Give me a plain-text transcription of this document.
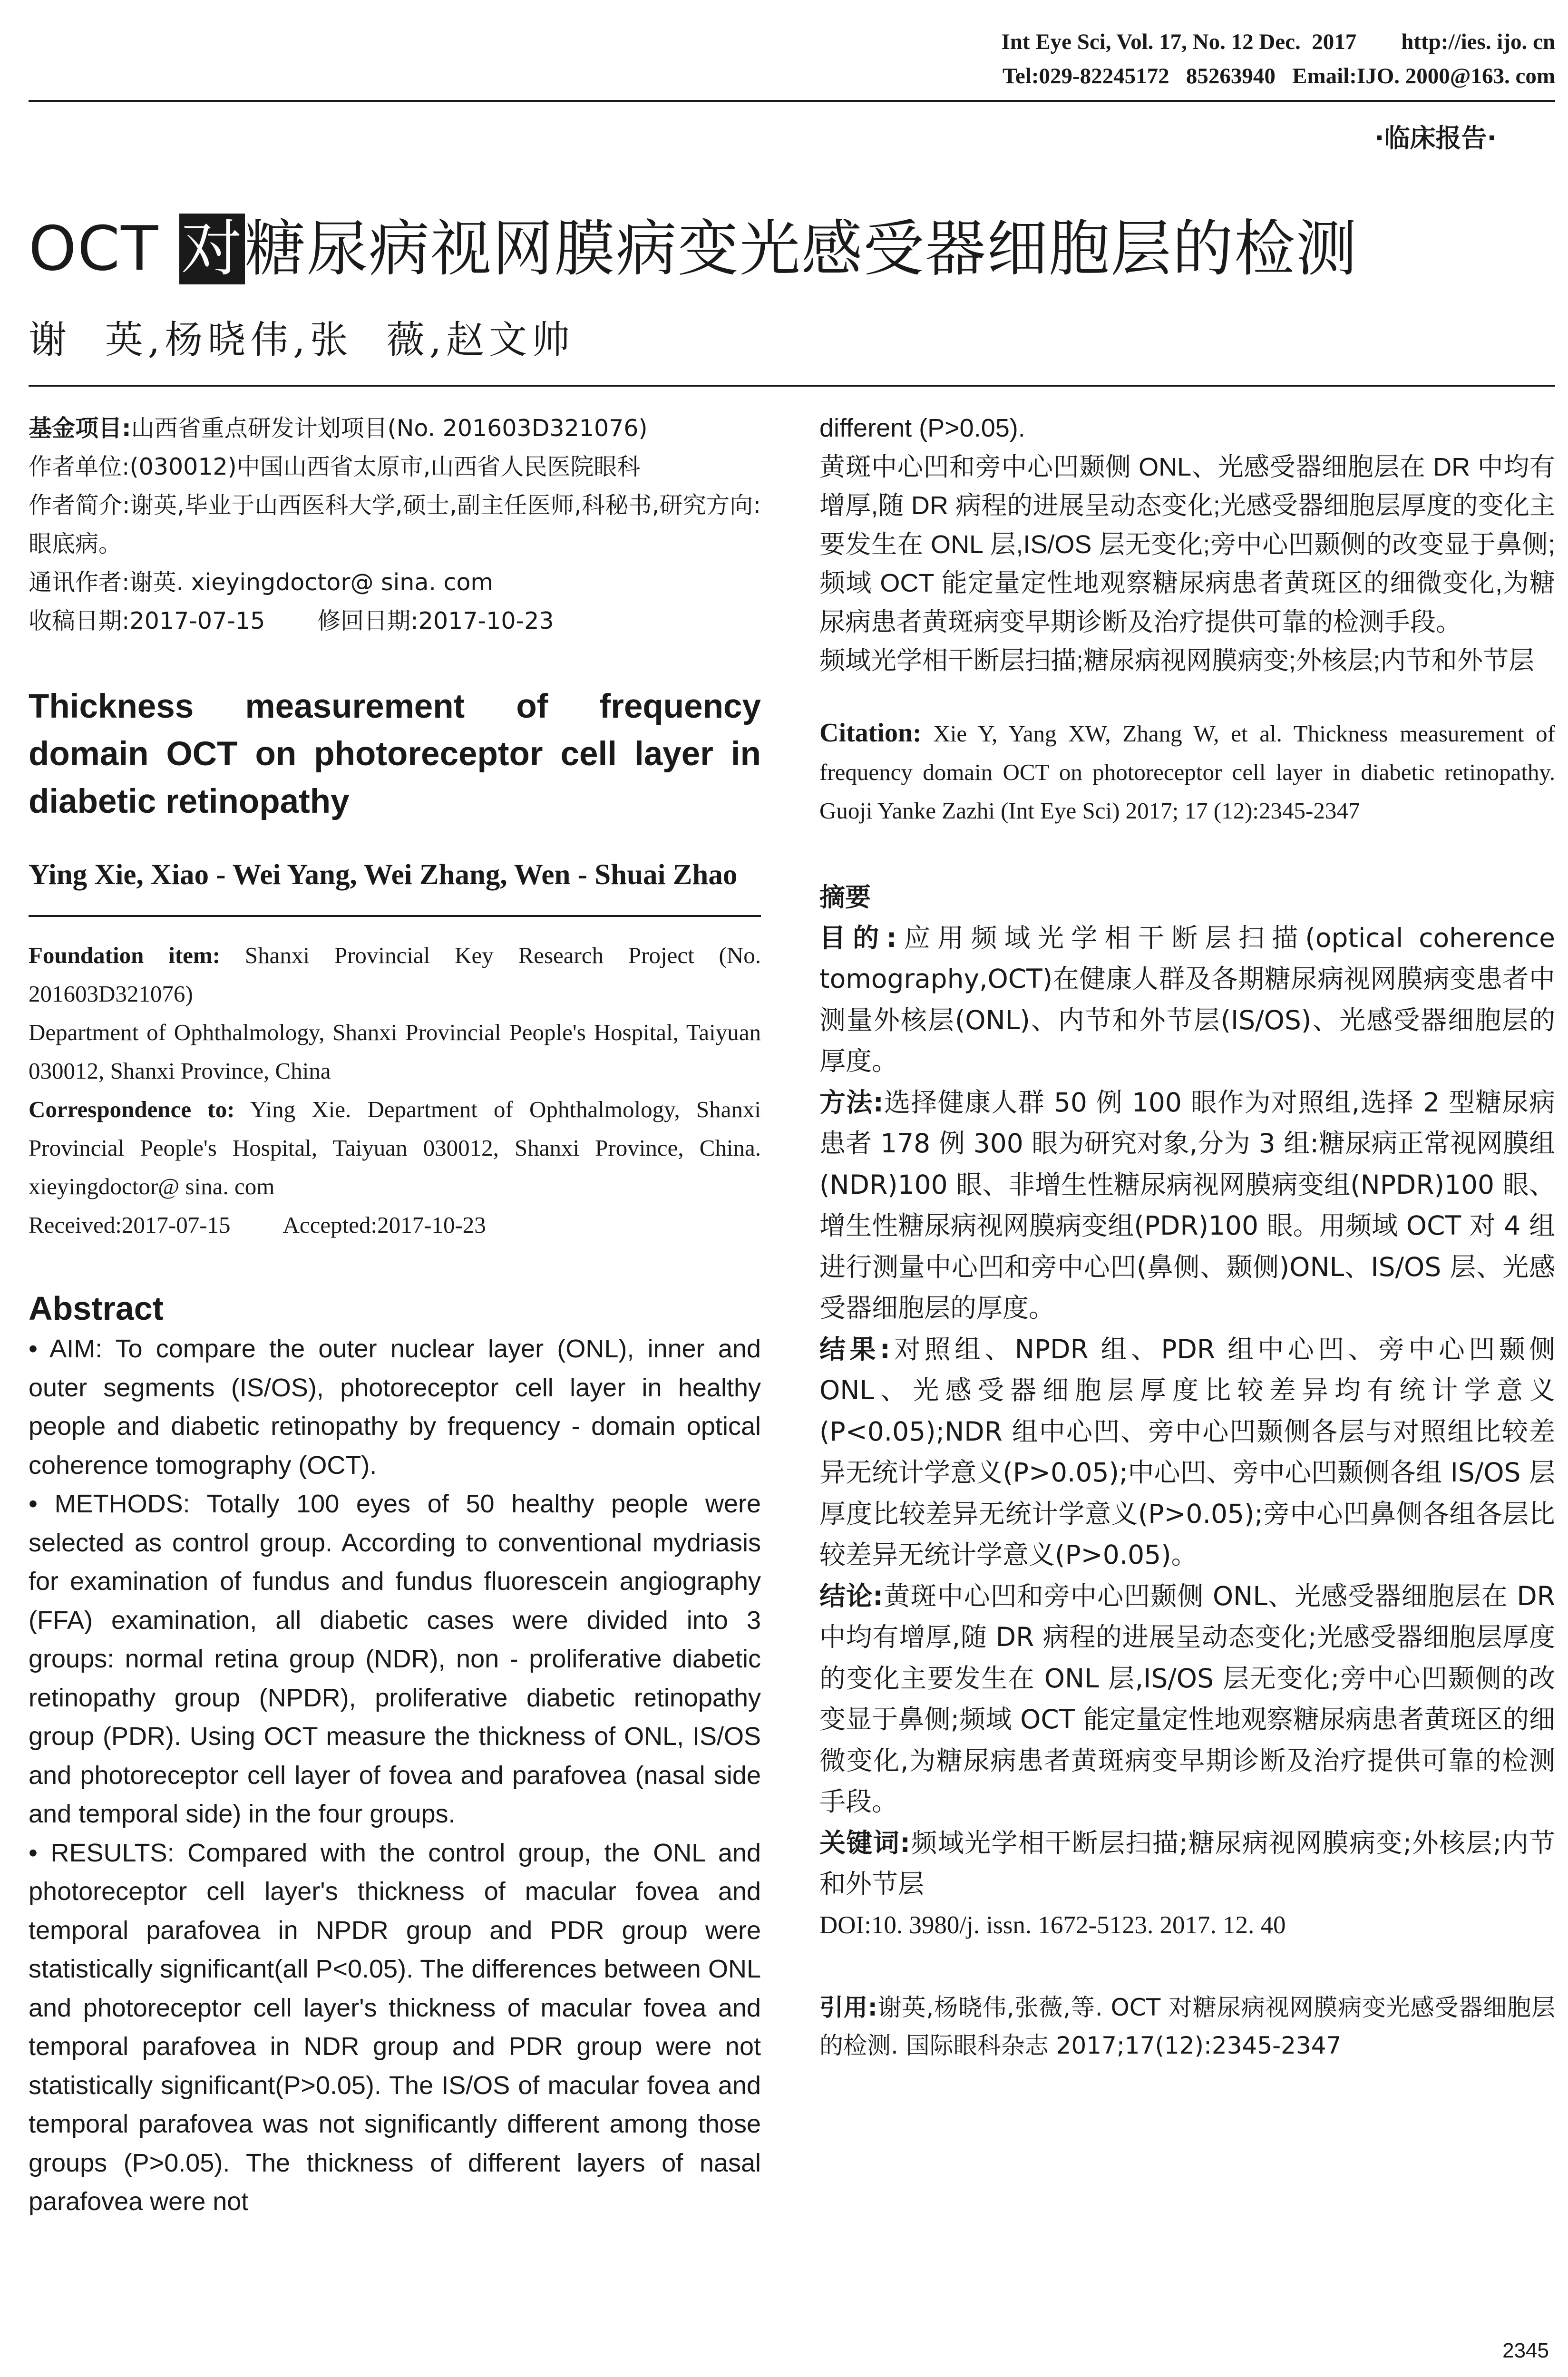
Int Eye Sci, Vol. 17, No. 12 Dec.  2017        http://ies. ijo. cn
Tel:029-82245172   85263940   Email:IJO. 2000@163. com
·临床报告·
OCT 对糖尿病视网膜病变光感受器细胞层的检测
谢  英,杨晓伟,张  薇,赵文帅
基金项目:山西省重点研发计划项目(No. 201603D321076)
作者单位:(030012)中国山西省太原市,山西省人民医院眼科
作者简介:谢英,毕业于山西医科大学,硕士,副主任医师,科秘书,研究方向:眼底病。
通讯作者:谢英. xieyingdoctor@ sina. com
收稿日期:2017-07-15 修回日期:2017-10-23
Thickness measurement of frequency domain OCT on photoreceptor cell layer in diabetic retinopathy
Ying Xie, Xiao - Wei Yang, Wei Zhang, Wen - Shuai Zhao

Foundation item: Shanxi Provincial Key Research Project (No. 201603D321076)

Department of Ophthalmology, Shanxi Provincial People's Hospital, Taiyuan 030012, Shanxi Province, China

Correspondence to: Ying Xie. Department of Ophthalmology, Shanxi Provincial People's Hospital, Taiyuan 030012, Shanxi Province, China. xieyingdoctor@ sina. com

Received:2017-07-15 Accepted:2017-10-23

Abstract

• AIM: To compare the outer nuclear layer (ONL), inner and outer segments (IS/OS), photoreceptor cell layer in healthy people and diabetic retinopathy by frequency - domain optical coherence tomography (OCT).

• METHODS: Totally 100 eyes of 50 healthy people were selected as control group. According to conventional mydriasis for examination of fundus and fundus fluorescein angiography (FFA) examination, all diabetic cases were divided into 3 groups: normal retina group (NDR), non - proliferative diabetic retinopathy group (NPDR), proliferative diabetic retinopathy group (PDR). Using OCT measure the thickness of ONL, IS/OS and photoreceptor cell layer of fovea and parafovea (nasal side and temporal side) in the four groups.

• RESULTS: Compared with the control group, the ONL and photoreceptor cell layer's thickness of macular fovea and temporal parafovea in NPDR group and PDR group were statistically significant(all P<0.05). The differences between ONL and photoreceptor cell layer's thickness of macular fovea and temporal parafovea in NDR group and PDR group were not statistically significant(P>0.05). The IS/OS of macular fovea and temporal parafovea was not significantly different among those groups (P>0.05). The thickness of different layers of nasal parafovea were not

different (P>0.05).

黄斑中心凹和旁中心凹颞侧 ONL、光感受器细胞层在 DR 中均有增厚,随 DR 病程的进展呈动态变化;光感受器细胞层厚度的变化主要发生在 ONL 层,IS/OS 层无变化;旁中心凹颞侧的改变显于鼻侧;频域 OCT 能定量定性地观察糖尿病患者黄斑区的细微变化,为糖尿病患者黄斑病变早期诊断及治疗提供可靠的检测手段。

频域光学相干断层扫描;糖尿病视网膜病变;外核层;内节和外节层

Citation: Xie Y, Yang XW, Zhang W, et al. Thickness measurement of frequency domain OCT on photoreceptor cell layer in diabetic retinopathy. Guoji Yanke Zazhi (Int Eye Sci) 2017; 17 (12):2345-2347
摘要

目的:应用频域光学相干断层扫描(optical coherence tomography,OCT)在健康人群及各期糖尿病视网膜病变患者中测量外核层(ONL)、内节和外节层(IS/OS)、光感受器细胞层的厚度。

方法:选择健康人群 50 例 100 眼作为对照组,选择 2 型糖尿病患者 178 例 300 眼为研究对象,分为 3 组:糖尿病正常视网膜组(NDR)100 眼、非增生性糖尿病视网膜病变组(NPDR)100 眼、增生性糖尿病视网膜病变组(PDR)100 眼。用频域 OCT 对 4 组进行测量中心凹和旁中心凹(鼻侧、颞侧)ONL、IS/OS 层、光感受器细胞层的厚度。

结果:对照组、NPDR 组、PDR 组中心凹、旁中心凹颞侧 ONL、光感受器细胞层厚度比较差异均有统计学意义(P<0.05);NDR 组中心凹、旁中心凹颞侧各层与对照组比较差异无统计学意义(P>0.05);中心凹、旁中心凹颞侧各组 IS/OS 层厚度比较差异无统计学意义(P>0.05);旁中心凹鼻侧各组各层比较差异无统计学意义(P>0.05)。

结论:黄斑中心凹和旁中心凹颞侧 ONL、光感受器细胞层在 DR 中均有增厚,随 DR 病程的进展呈动态变化;光感受器细胞层厚度的变化主要发生在 ONL 层,IS/OS 层无变化;旁中心凹颞侧的改变显于鼻侧;频域 OCT 能定量定性地观察糖尿病患者黄斑区的细微变化,为糖尿病患者黄斑病变早期诊断及治疗提供可靠的检测手段。

关键词:频域光学相干断层扫描;糖尿病视网膜病变;外核层;内节和外节层

DOI:10. 3980/j. issn. 1672-5123. 2017. 12. 40

引用:谢英,杨晓伟,张薇,等. OCT 对糖尿病视网膜病变光感受器细胞层的检测. 国际眼科杂志 2017;17(12):2345-2347
2345
